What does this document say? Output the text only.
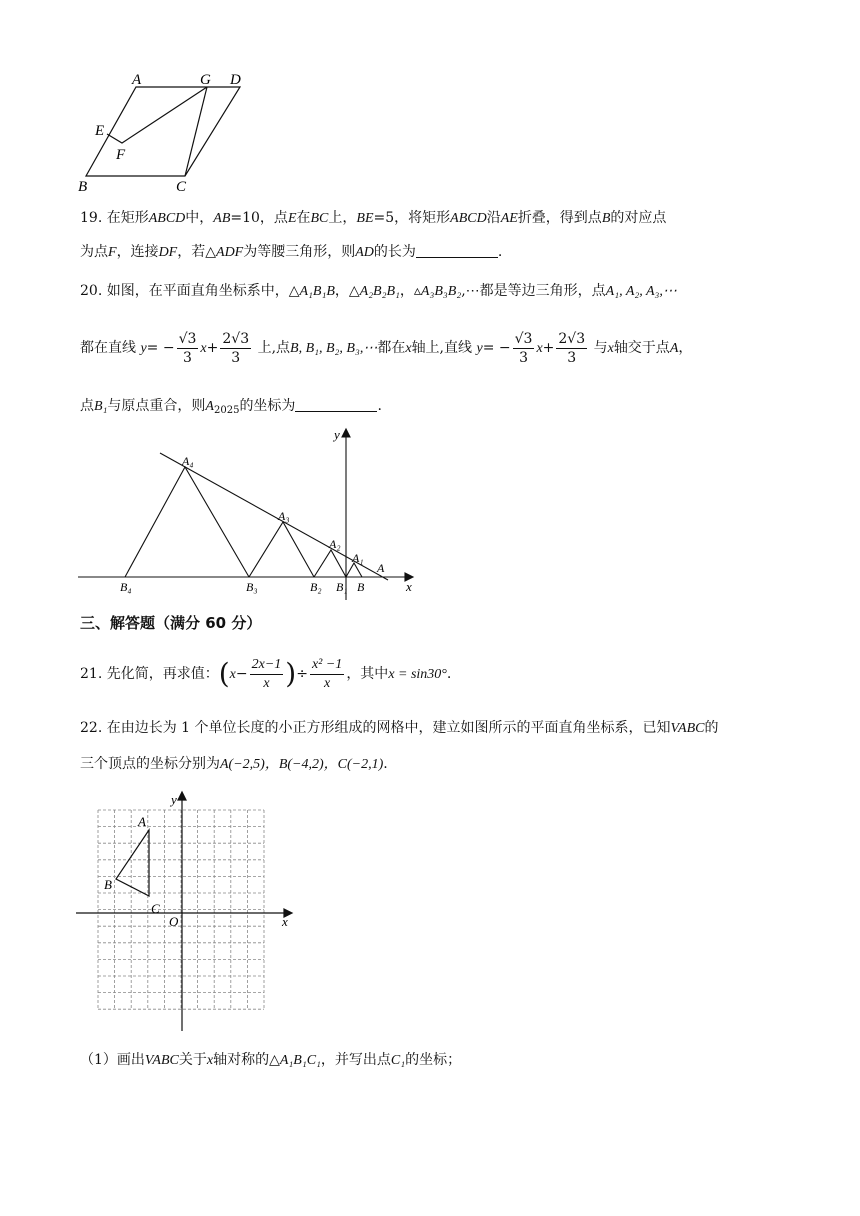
A	G D
E
F
B	C
19. 在矩形ABCD中，AB=10，点E在BC上，BE=5，将矩形ABCD沿AE折叠，得到点B的对应点
为点F，连接DF，若△ADF为等腰三角形，则AD的长为	.
20. 如图，在平面直角坐标系中，△A₁B₁B，△A₂B₂B₁，▵A₃B₃B₂,⋯都是等边三角形，点A₁, A₂, A₃,⋯
都在直线 $y= - \frac{√3}{3} x+ \frac{2√3}{3}$ 上,点B, B₁, B₂, B₃,⋯都在x轴上,直线 $y= - \frac{√3}{3} x+ \frac{2√3}{3}$ 与x轴交于点A，
点B₁与原点重合，则$A_{2025}$的坐标为	.
y
x
A₄
A₃
A₂
A₁
A
B₄	B₃	B₂ B₁ B
三、解答题（满分 60 分）
21. 先化简，再求值：($x- \frac{2x-1}{x}$ )÷ $\frac{\text{x² −1}}{x}$ ，其中x = sin30°.
22. 在由边长为 1 个单位长度的小正方形组成的网格中，建立如图所示的平面直角坐标系，已知VABC的
三个顶点的坐标分别为A(−2,5)，B(−4,2)，C(−2,1).
y
x
A
B
C
O
（1）画出VABC关于x轴对称的△A₁B₁C₁，并写出点C₁的坐标；
